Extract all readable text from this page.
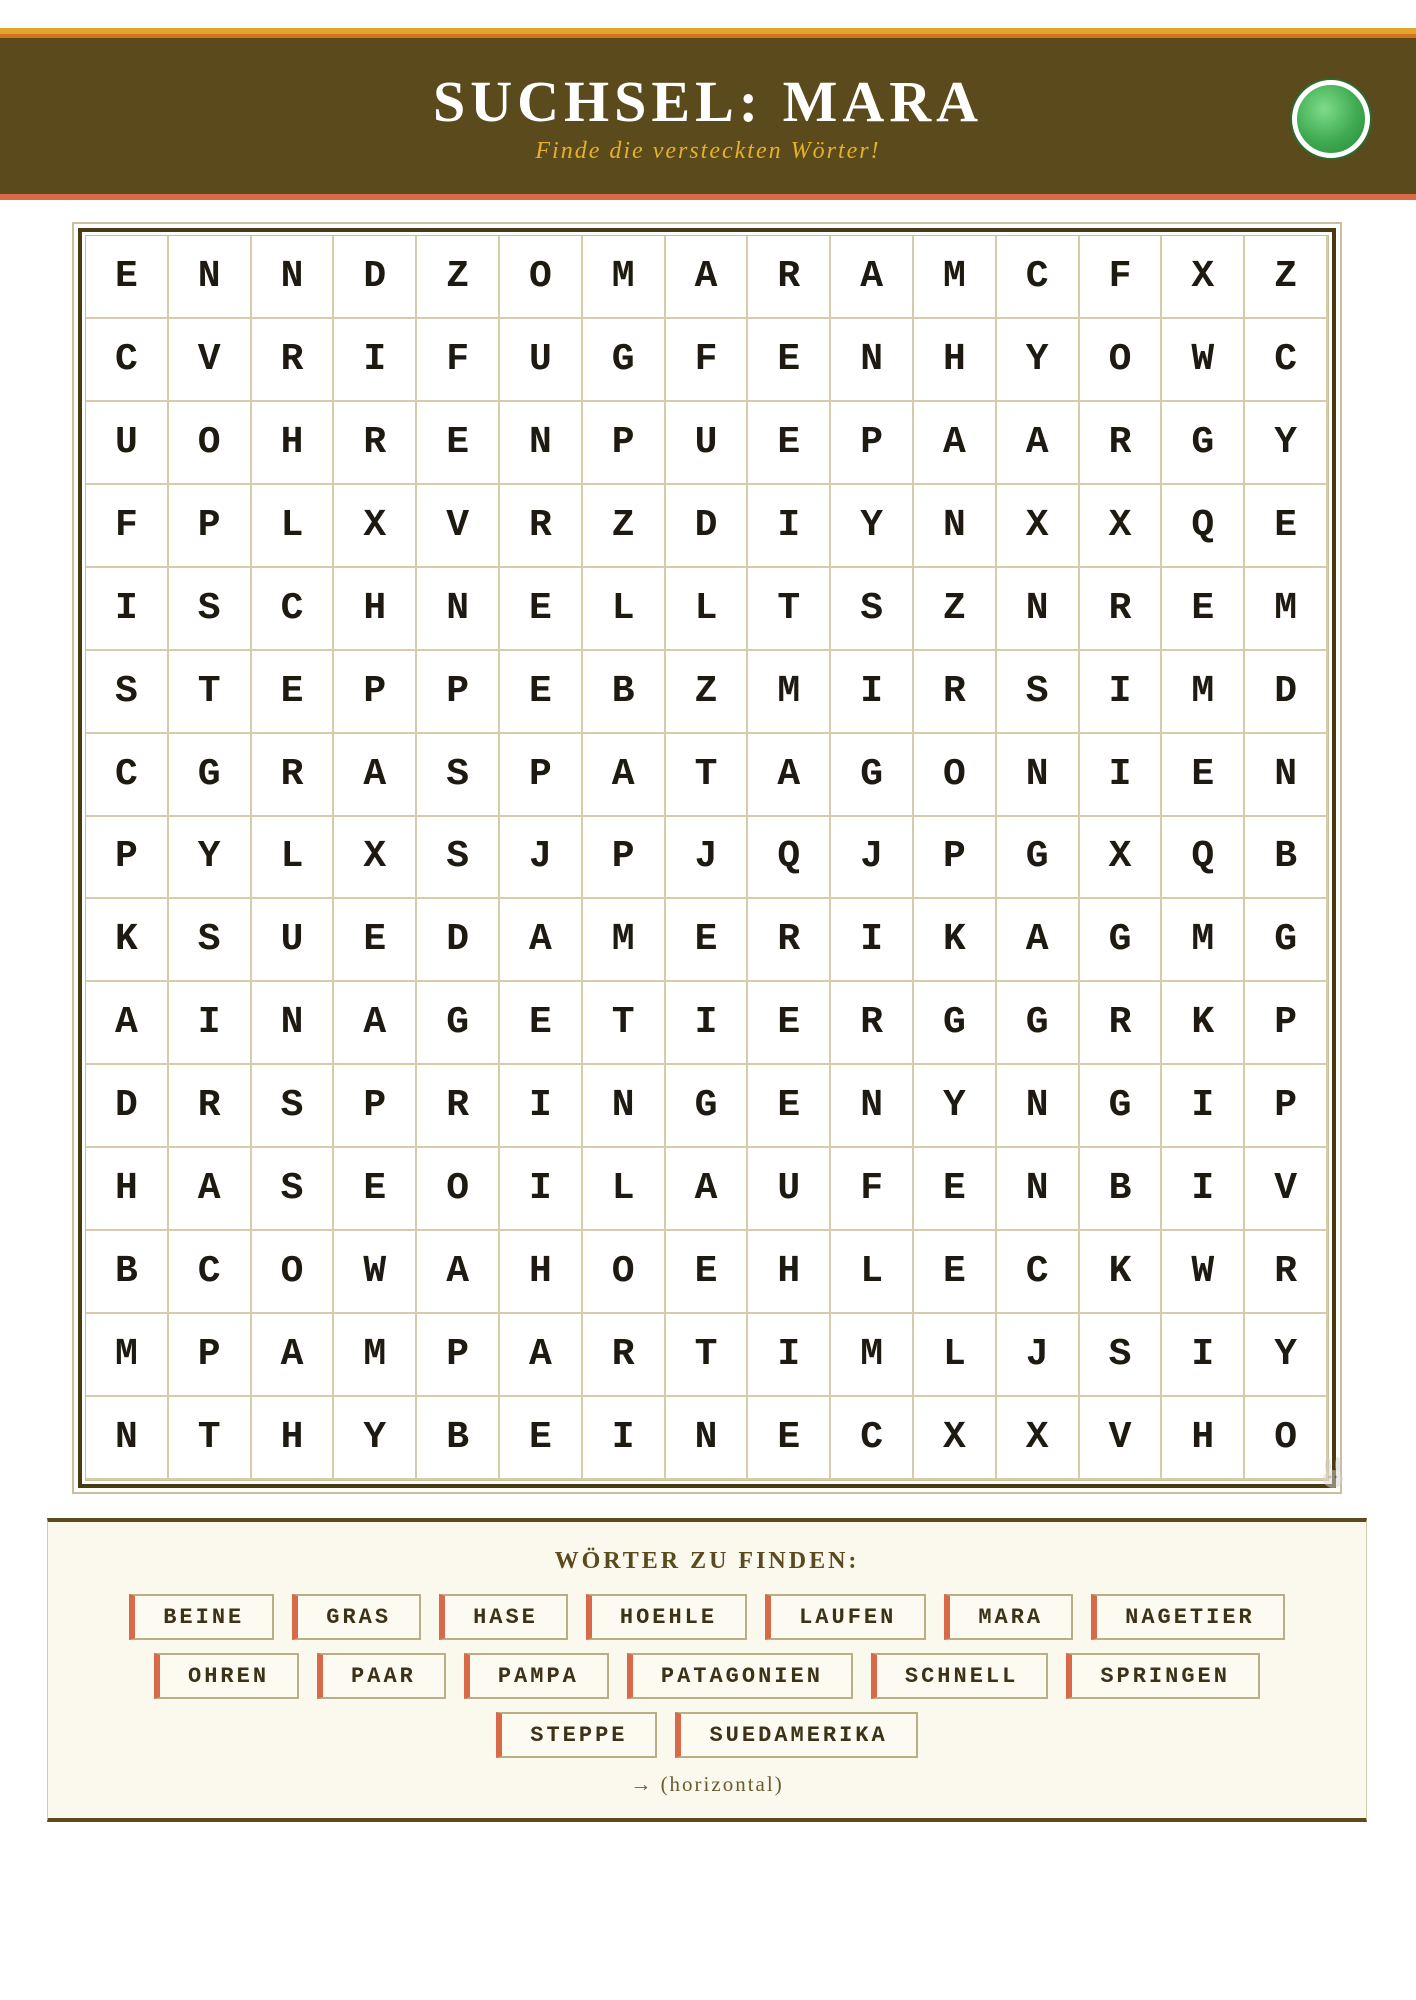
SUCHSEL: MARA
Finde die versteckten Wörter!
E	N	N	D	Z	O	M	A	R	A	M	C	F	X	Z
C	V	R	I	F	U	G	F	E	N	H	Y	O	W	C
U	O	H	R	E	N	P	U	E	P	A	A	R	G	Y
F	P	L	X	V	R	Z	D	I	Y	N	X	X	Q	E
I	S	C	H	N	E	L	L	T	S	Z	N	R	E	M
S	T	E	P	P	E	B	Z	M	I	R	S	I	M	D
C	G	R	A	S	P	A	T	A	G	O	N	I	E	N
P	Y	L	X	S	J	P	J	Q	J	P	G	X	Q	B
K	S	U	E	D	A	M	E	R	I	K	A	G	M	G
A	I	N	A	G	E	T	I	E	R	G	G	R	K	P
D	R	S	P	R	I	N	G	E	N	Y	N	G	I	P
H	A	S	E	O	I	L	A	U	F	E	N	B	I	V
B	C	O	W	A	H	O	E	H	L	E	C	K	W	R
M	P	A	M	P	A	R	T	I	M	L	J	S	I	Y
N	T	H	Y	B	E	I	N	E	C	X	X	V	H	O
WÖRTER ZU FINDEN:
BEINE	GRAS	HASE	HOEHLE	LAUFEN	MARA	NAGETIER
OHREN	PAAR	PAMPA	PATAGONIEN	SCHNELL	SPRINGEN
STEPPE	SUEDAMERIKA
→ (horizontal)
